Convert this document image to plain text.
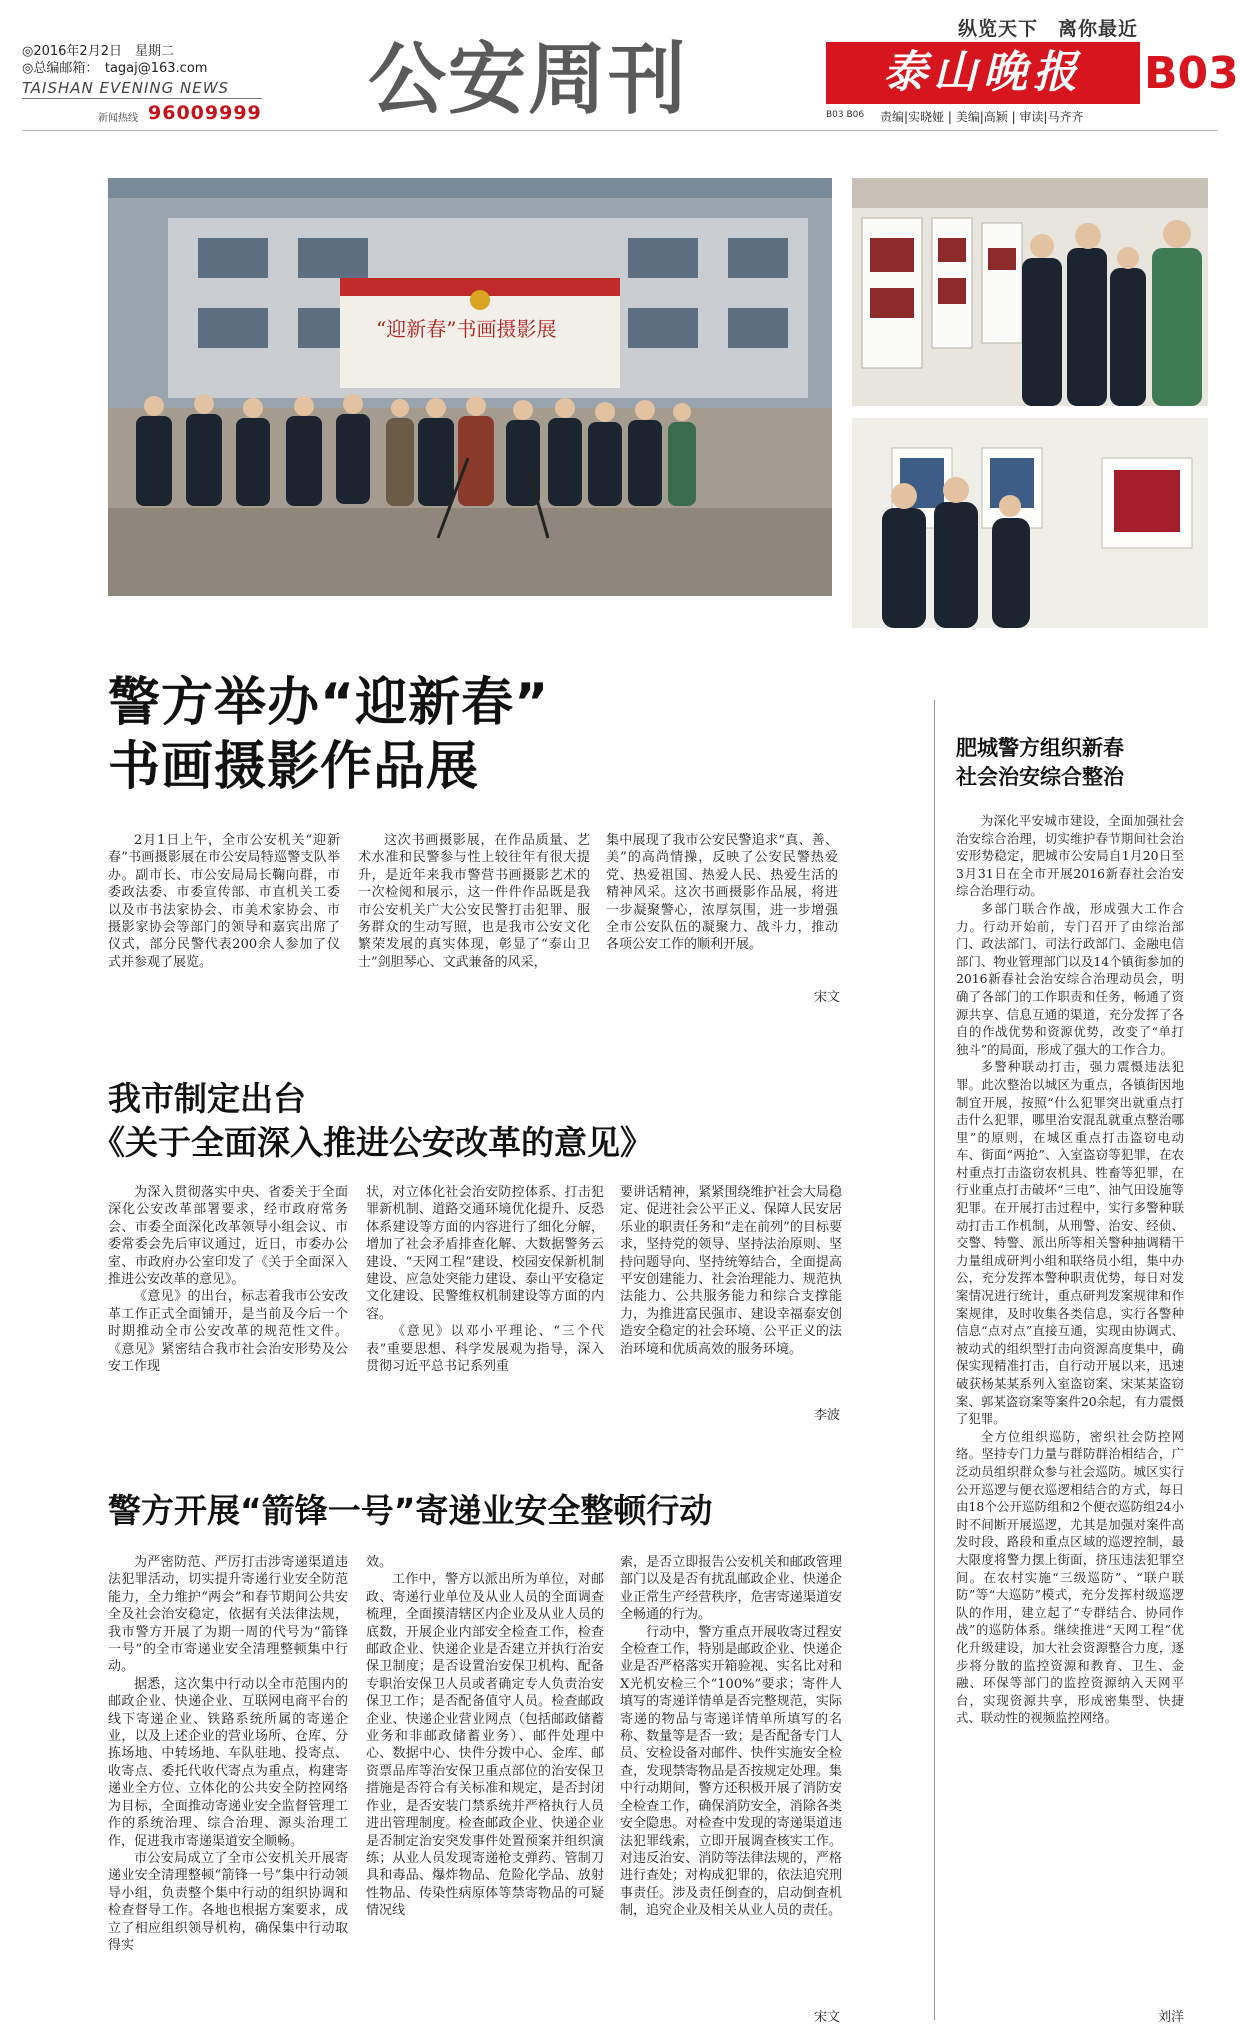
◎2016年2月2日　星期二
◎总编邮箱：　tagaj@163.com
TAISHAN EVENING NEWS
新闻热线 96009999 公安周刊
纵览天下　离你最近
泰山晚报	B03
B03 B06 责编|实晓娅 | 美编|高颖 | 审读|马齐齐
“迎新春”书画摄影展
警方举办“迎新春”
书画摄影作品展

2月1日上午，全市公安机关“迎新春”书画摄影展在市公安局特巡警支队举办。副市长、市公安局局长鞠向群，市委政法委、市委宣传部、市直机关工委以及市书法家协会、市美术家协会、市摄影家协会等部门的领导和嘉宾出席了仪式，部分民警代表200余人参加了仪式并参观了展览。

这次书画摄影展，在作品质量、艺术水准和民警参与性上较往年有很大提升，是近年来我市警营书画摄影艺术的一次检阅和展示，这一件件作品既是我市公安机关广大公安民警打击犯罪、服务群众的生动写照，也是我市公安文化繁荣发展的真实体现，彰显了“泰山卫士”剑胆琴心、文武兼备的风采，

集中展现了我市公安民警追求“真、善、美”的高尚情操，反映了公安民警热爱党、热爱祖国、热爱人民、热爱生活的精神风采。这次书画摄影作品展，将进一步凝聚警心，浓厚氛围，进一步增强全市公安队伍的凝聚力、战斗力，推动各项公安工作的顺利开展。

宋文
我市制定出台
《关于全面深入推进公安改革的意见》

为深入贯彻落实中央、省委关于全面深化公安改革部署要求，经市政府常务会、市委全面深化改革领导小组会议、市委常委会先后审议通过，近日，市委办公室、市政府办公室印发了《关于全面深入推进公安改革的意见》。

《意见》的出台，标志着我市公安改革工作正式全面铺开，是当前及今后一个时期推动全市公安改革的规范性文件。《意见》紧密结合我市社会治安形势及公安工作现

状，对立体化社会治安防控体系、打击犯罪新机制、道路交通环境优化提升、反恐体系建设等方面的内容进行了细化分解，增加了社会矛盾排查化解、大数据警务云建设、“天网工程”建设、校园安保新机制建设、应急处突能力建设、泰山平安稳定文化建设、民警维权机制建设等方面的内容。

《意见》以邓小平理论、“三个代表”重要思想、科学发展观为指导，深入贯彻习近平总书记系列重

要讲话精神，紧紧围绕维护社会大局稳定、促进社会公平正义、保障人民安居乐业的职责任务和“走在前列”的目标要求，坚持党的领导、坚持法治原则、坚持问题导向、坚持统筹结合，全面提高平安创建能力、社会治理能力、规范执法能力、公共服务能力和综合支撑能力，为推进富民强市、建设幸福泰安创造安全稳定的社会环境、公平正义的法治环境和优质高效的服务环境。

李波
警方开展“箭锋一号”寄递业安全整顿行动

为严密防范、严厉打击涉寄递渠道违法犯罪活动，切实提升寄递行业安全防范能力，全力维护“两会”和春节期间公共安全及社会治安稳定，依据有关法律法规，我市警方开展了为期一周的代号为“箭锋一号”的全市寄递业安全清理整顿集中行动。

据悉，这次集中行动以全市范围内的邮政企业、快递企业、互联网电商平台的线下寄递企业、铁路系统所属的寄递企业，以及上述企业的营业场所、仓库、分拣场地、中转场地、车队驻地、投寄点、收寄点、委托代收代寄点为重点，构建寄递业全方位、立体化的公共安全防控网络为目标，全面推动寄递业安全监督管理工作的系统治理、综合治理、源头治理工作，促进我市寄递渠道安全顺畅。

市公安局成立了全市公安机关开展寄递业安全清理整顿“箭锋一号”集中行动领导小组，负责整个集中行动的组织协调和检查督导工作。各地也根据方案要求，成立了相应组织领导机构，确保集中行动取得实

效。

工作中，警方以派出所为单位，对邮政、寄递行业单位及从业人员的全面调查梳理，全面摸清辖区内企业及从业人员的底数，开展企业内部安全检查工作，检查邮政企业、快递企业是否建立并执行治安保卫制度；是否设置治安保卫机构、配备专职治安保卫人员或者确定专人负责治安保卫工作；是否配备值守人员。检查邮政企业、快递企业营业网点（包括邮政储蓄业务和非邮政储蓄业务）、邮件处理中心、数据中心、快件分拨中心、金库、邮资票品库等治安保卫重点部位的治安保卫措施是否符合有关标准和规定，是否封闭作业，是否安装门禁系统并严格执行人员进出管理制度。检查邮政企业、快递企业是否制定治安突发事件处置预案并组织演练；从业人员发现寄递枪支弹药、管制刀具和毒品、爆炸物品、危险化学品、放射性物品、传染性病原体等禁寄物品的可疑情况线

索，是否立即报告公安机关和邮政管理部门以及是否有扰乱邮政企业、快递企业正常生产经营秩序，危害寄递渠道安全畅通的行为。

行动中，警方重点开展收寄过程安全检查工作，特别是邮政企业、快递企业是否严格落实开箱验视、实名比对和X光机安检三个“100%”要求；寄件人填写的寄递详情单是否完整规范，实际寄递的物品与寄递详情单所填写的名称、数量等是否一致；是否配备专门人员、安检设备对邮件、快件实施安全检查，发现禁寄物品是否按规定处理。集中行动期间，警方还积极开展了消防安全检查工作，确保消防安全，消除各类安全隐患。对检查中发现的寄递渠道违法犯罪线索，立即开展调查核实工作。对违反治安、消防等法律法规的，严格进行查处；对构成犯罪的，依法追究刑事责任。涉及责任倒查的，启动倒查机制，追究企业及相关从业人员的责任。

宋文
肥城警方组织新春
社会治安综合整治

为深化平安城市建设，全面加强社会治安综合治理，切实维护春节期间社会治安形势稳定，肥城市公安局自1月20日至3月31日在全市开展2016新春社会治安综合治理行动。

多部门联合作战，形成强大工作合力。行动开始前，专门召开了由综治部门、政法部门、司法行政部门、金融电信部门、物业管理部门以及14个镇街参加的2016新春社会治安综合治理动员会，明确了各部门的工作职责和任务，畅通了资源共享、信息互通的渠道，充分发挥了各自的作战优势和资源优势，改变了“单打独斗”的局面，形成了强大的工作合力。

多警种联动打击，强力震慑违法犯罪。此次整治以城区为重点，各镇街因地制宜开展，按照“什么犯罪突出就重点打击什么犯罪，哪里治安混乱就重点整治哪里”的原则，在城区重点打击盗窃电动车、街面“两抢”、入室盗窃等犯罪，在农村重点打击盗窃农机具、牲畜等犯罪，在行业重点打击破坏“三电”、油气田设施等犯罪。在开展打击过程中，实行多警种联动打击工作机制，从刑警、治安、经侦、交警、特警、派出所等相关警种抽调精干力量组成研判小组和联络员小组，集中办公，充分发挥本警种职责优势，每日对发案情况进行统计，重点研判发案规律和作案规律，及时收集各类信息，实行各警种信息“点对点”直接互通，实现由协调式、被动式的组织型打击向资源高度集中，确保实现精准打击，自行动开展以来，迅速破获杨某某系列入室盗窃案、宋某某盗窃案、郭某盗窃案等案件20余起，有力震慑了犯罪。

全方位组织巡防，密织社会防控网络。坚持专门力量与群防群治相结合，广泛动员组织群众参与社会巡防。城区实行公开巡逻与便衣巡逻相结合的方式，每日由18个公开巡防组和2个便衣巡防组24小时不间断开展巡逻，尤其是加强对案件高发时段、路段和重点区域的巡逻控制，最大限度将警力摆上街面，挤压违法犯罪空间。在农村实施“三级巡防”、“联户联防”等“大巡防”模式，充分发挥村级巡逻队的作用，建立起了“专群结合、协同作战”的巡防体系。继续推进“天网工程”优化升级建设，加大社会资源整合力度，逐步将分散的监控资源和教育、卫生、金融、环保等部门的监控资源纳入天网平台，实现资源共享，形成密集型、快捷式、联动性的视频监控网络。

刘洋
